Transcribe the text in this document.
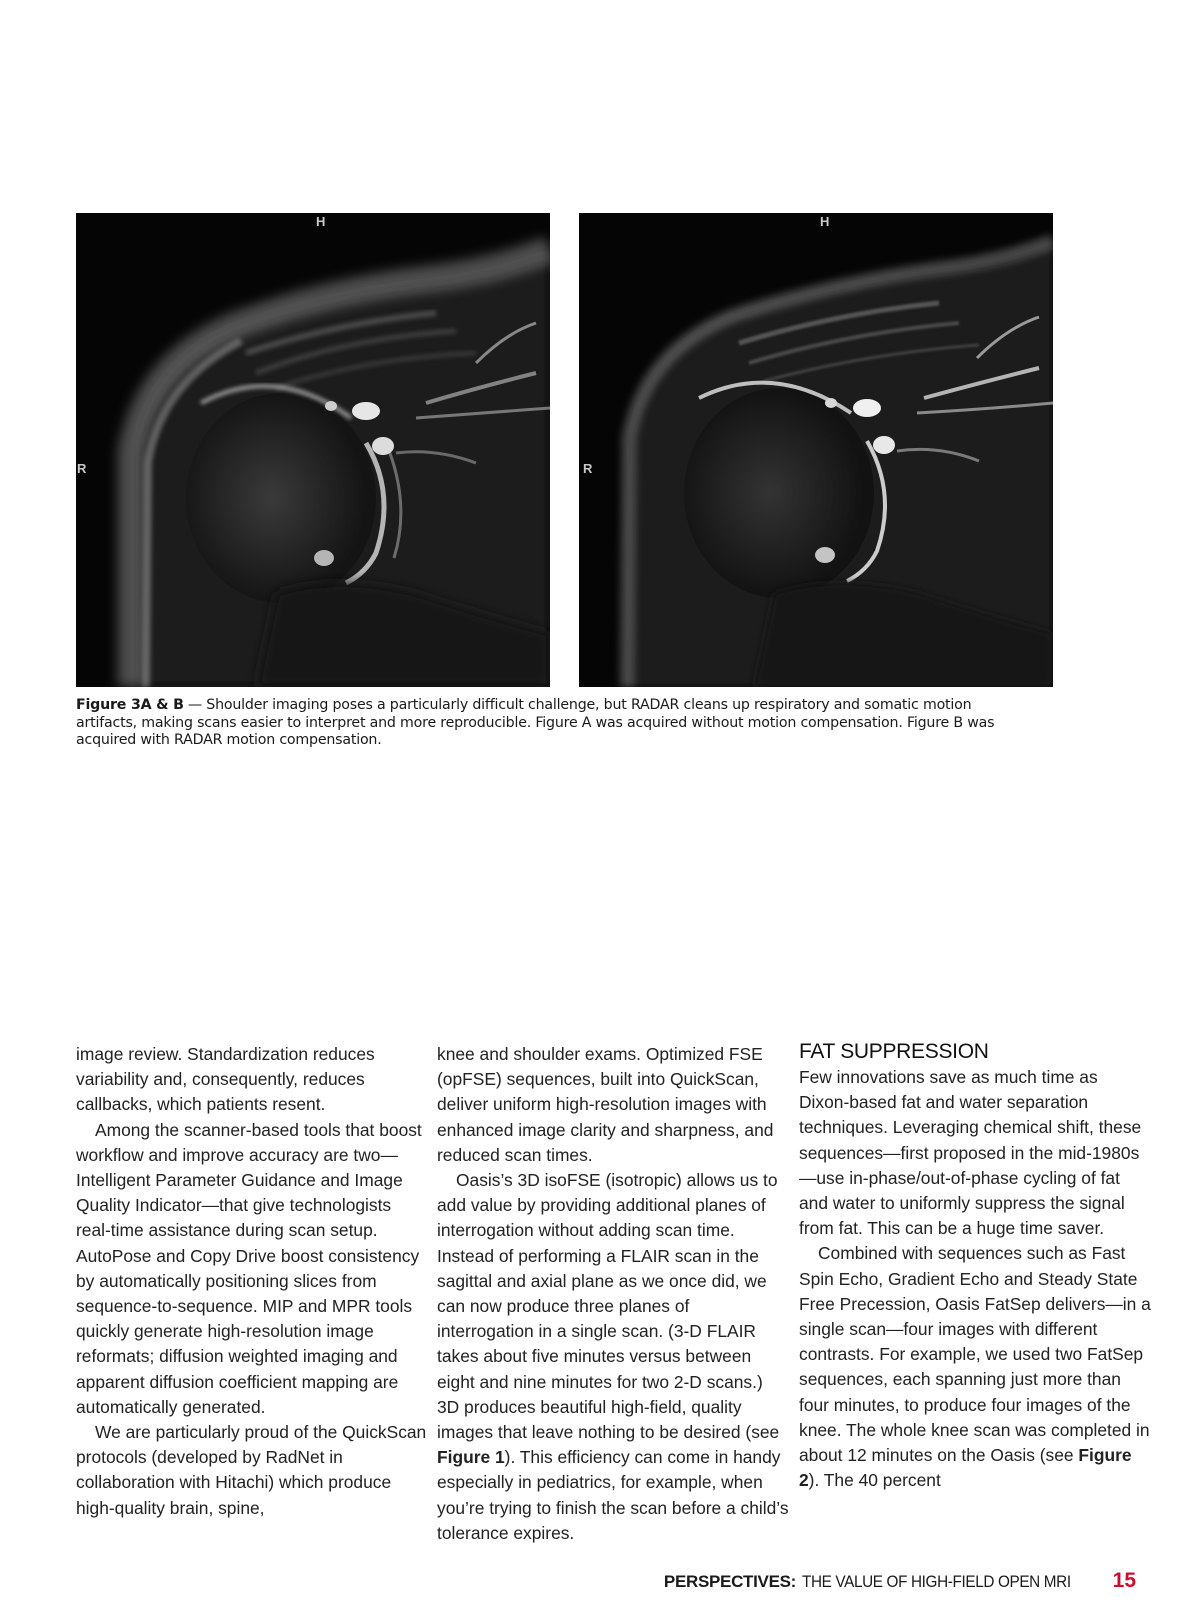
H
R
H
R
Figure 3A & B — Shoulder imaging poses a particularly difficult challenge, but RADAR cleans up respiratory and somatic motion artifacts, making scans easier to interpret and more reproducible. Figure A was acquired without motion compensation. Figure B was acquired with RADAR motion compensation.

image review. Standardization reduces variability and, consequently, reduces callbacks, which patients resent.

Among the scanner-based tools that boost workflow and improve accuracy are two—Intelligent Parameter Guidance and Image Quality Indicator—that give technologists real-time assistance during scan setup. AutoPose and Copy Drive boost consistency by automatically positioning slices from sequence-to-sequence. MIP and MPR tools quickly generate high-resolution image reformats; diffusion weighted imaging and apparent diffusion coefficient mapping are automatically generated.

We are particularly proud of the QuickScan protocols (developed by RadNet in collaboration with Hitachi) which produce high-quality brain, spine,

knee and shoulder exams. Optimized FSE (opFSE) sequences, built into QuickScan, deliver uniform high-resolution images with enhanced image clarity and sharpness, and reduced scan times.

Oasis’s 3D isoFSE (isotropic) allows us to add value by providing additional planes of interrogation without adding scan time. Instead of performing a FLAIR scan in the sagittal and axial plane as we once did, we can now produce three planes of interrogation in a single scan. (3-D FLAIR takes about five minutes versus between eight and nine minutes for two 2-D scans.) 3D produces beautiful high-field, quality images that leave nothing to be desired (see Figure 1). This efficiency can come in handy especially in pediatrics, for example, when you’re trying to finish the scan before a child’s tolerance expires.

FAT SUPPRESSION

Few innovations save as much time as Dixon-based fat and water separation techniques. Leveraging chemical shift, these sequences—first proposed in the mid-1980s—use in-phase/out-of-phase cycling of fat and water to uniformly suppress the signal from fat. This can be a huge time saver.

Combined with sequences such as Fast Spin Echo, Gradient Echo and Steady State Free Precession, Oasis FatSep delivers—in a single scan—four images with different contrasts. For example, we used two FatSep sequences, each spanning just more than four minutes, to produce four images of the knee. The whole knee scan was completed in about 12 minutes on the Oasis (see Figure 2). The 40 percent

PERSPECTIVES: THE VALUE OF HIGH-FIELD OPEN MRI 15
